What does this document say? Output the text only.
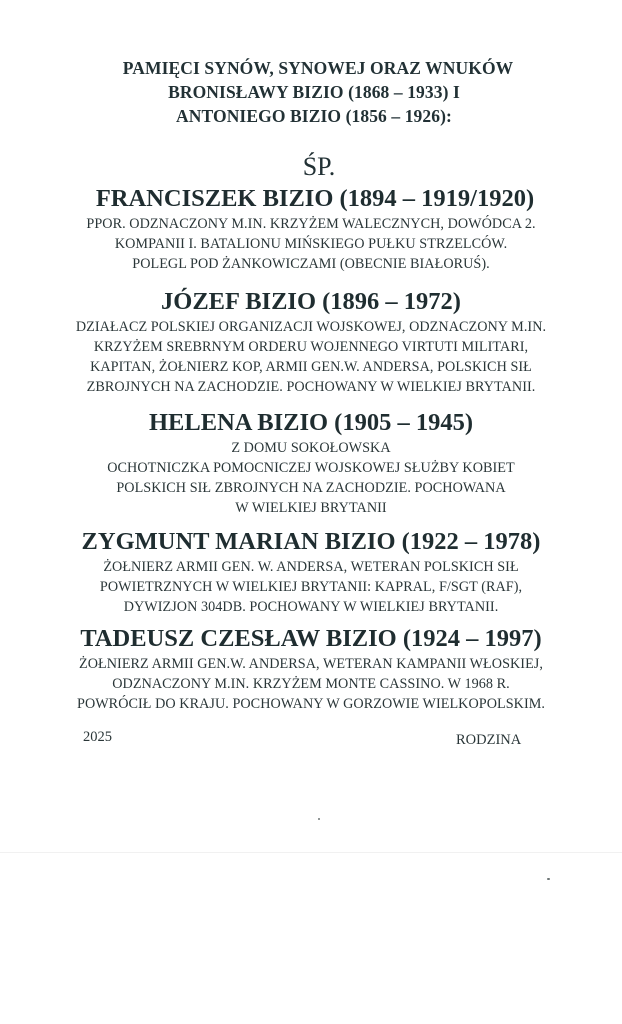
PAMIĘCI SYNÓW, SYNOWEJ ORAZ WNUKÓW
BRONISŁAWY BIZIO (1868 – 1933) I
ANTONIEGO BIZIO (1856 – 1926):
ŚP.
FRANCISZEK BIZIO (1894 – 1919/1920)
PPOR. ODZNACZONY M.IN. KRZYŻEM WALECZNYCH, DOWÓDCA 2.
KOMPANII I. BATALIONU MIŃSKIEGO PUŁKU STRZELCÓW.
POLEGL POD ŻANKOWICZAMI (OBECNIE BIAŁORUŚ).
JÓZEF BIZIO (1896 – 1972)
DZIAŁACZ POLSKIEJ ORGANIZACJI WOJSKOWEJ, ODZNACZONY M.IN.
KRZYŻEM SREBRNYM ORDERU WOJENNEGO VIRTUTI MILITARI,
KAPITAN, ŻOŁNIERZ KOP, ARMII GEN.W. ANDERSA, POLSKICH SIŁ
ZBROJNYCH NA ZACHODZIE. POCHOWANY W WIELKIEJ BRYTANII.
HELENA BIZIO (1905 – 1945)
Z DOMU SOKOŁOWSKA
OCHOTNICZKA POMOCNICZEJ WOJSKOWEJ SŁUŻBY KOBIET
POLSKICH SIŁ ZBROJNYCH NA ZACHODZIE. POCHOWANA
W WIELKIEJ BRYTANII
ZYGMUNT MARIAN BIZIO (1922 – 1978)
ŻOŁNIERZ ARMII GEN. W. ANDERSA, WETERAN POLSKICH SIŁ
POWIETRZNYCH W WIELKIEJ BRYTANII: KAPRAL, F/SGT (RAF),
DYWIZJON 304DB. POCHOWANY W WIELKIEJ BRYTANII.
TADEUSZ CZESŁAW BIZIO (1924 – 1997)
ŻOŁNIERZ ARMII GEN.W. ANDERSA, WETERAN KAMPANII WŁOSKIEJ,
ODZNACZONY M.IN. KRZYŻEM MONTE CASSINO. W 1968 R.
POWRÓCIŁ DO KRAJU. POCHOWANY W GORZOWIE WIELKOPOLSKIM.
2025	RODZINA
